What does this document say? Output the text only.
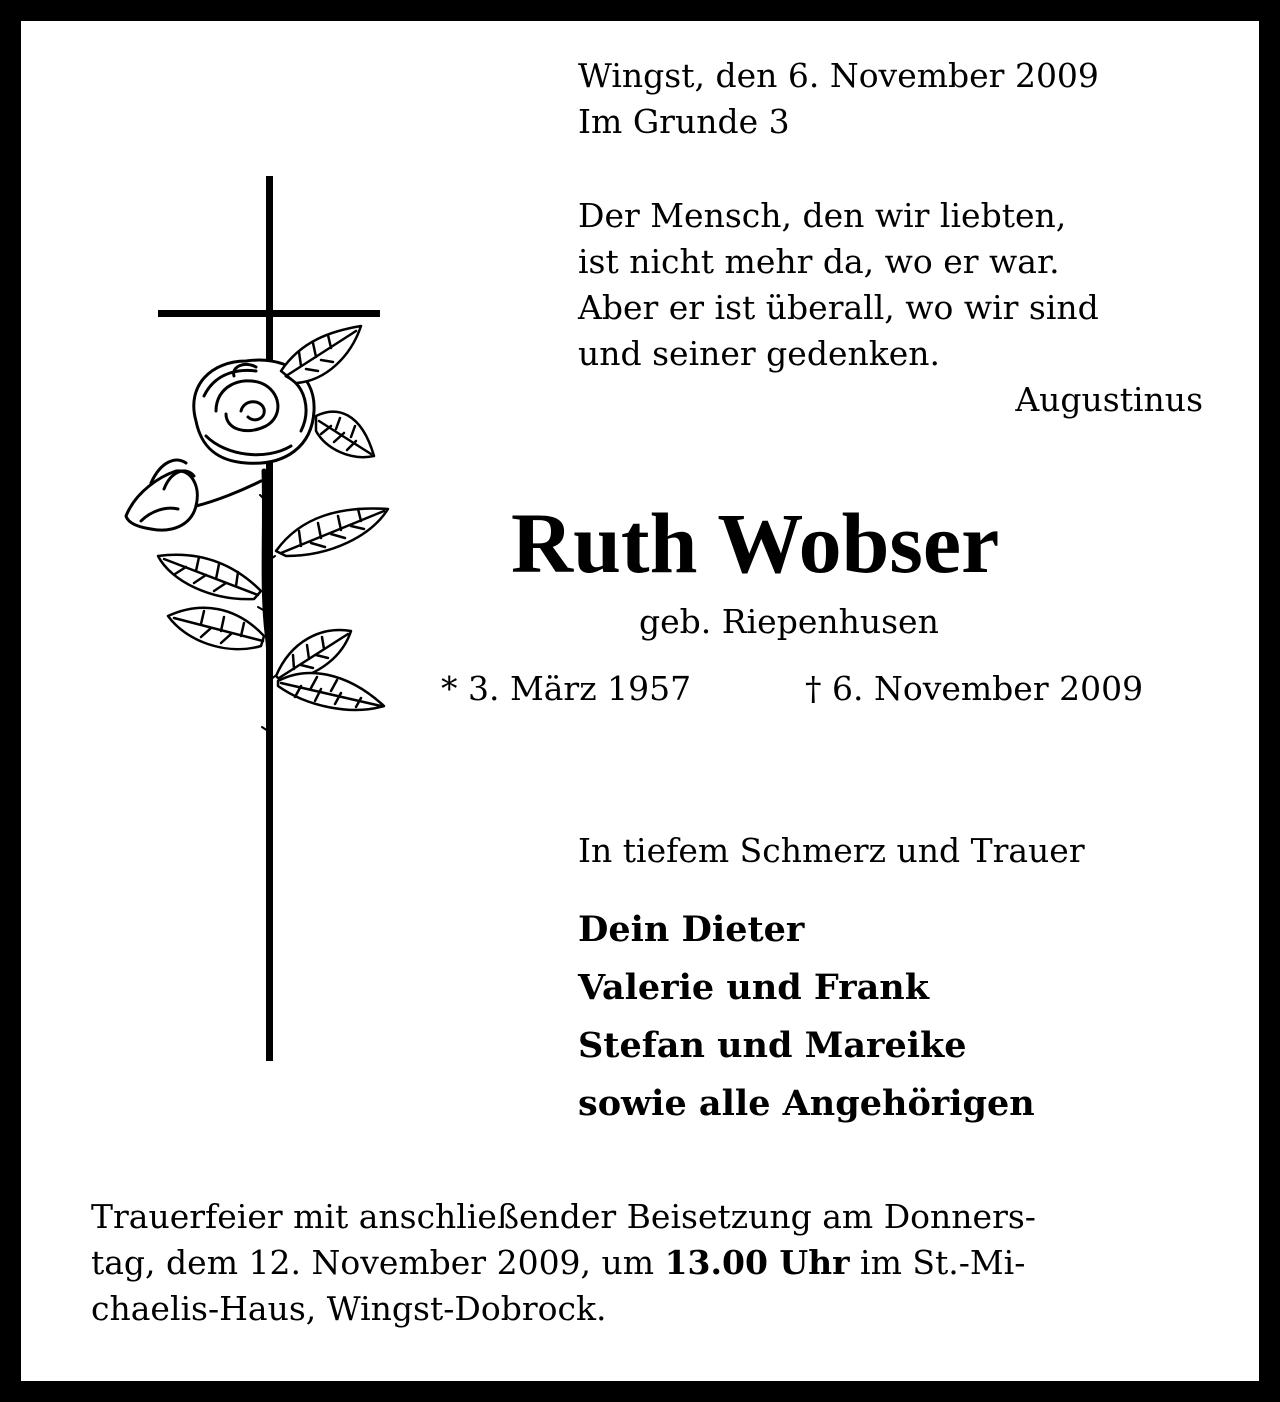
Wingst, den 6. November 2009
Im Grunde 3
Der Mensch, den wir liebten,
ist nicht mehr da, wo er war.
Aber er ist überall, wo wir sind
und seiner gedenken.
Augustinus
Ruth Wobser
geb. Riepenhusen
* 3. März 1957	† 6. November 2009
In tiefem Schmerz und Trauer
Dein Dieter
Valerie und Frank
Stefan und Mareike
sowie alle Angehörigen
Trauerfeier mit anschließender Beisetzung am Donners-
tag, dem 12. November 2009, um 13.00 Uhr im St.-Mi-
chaelis-Haus, Wingst-Dobrock.
